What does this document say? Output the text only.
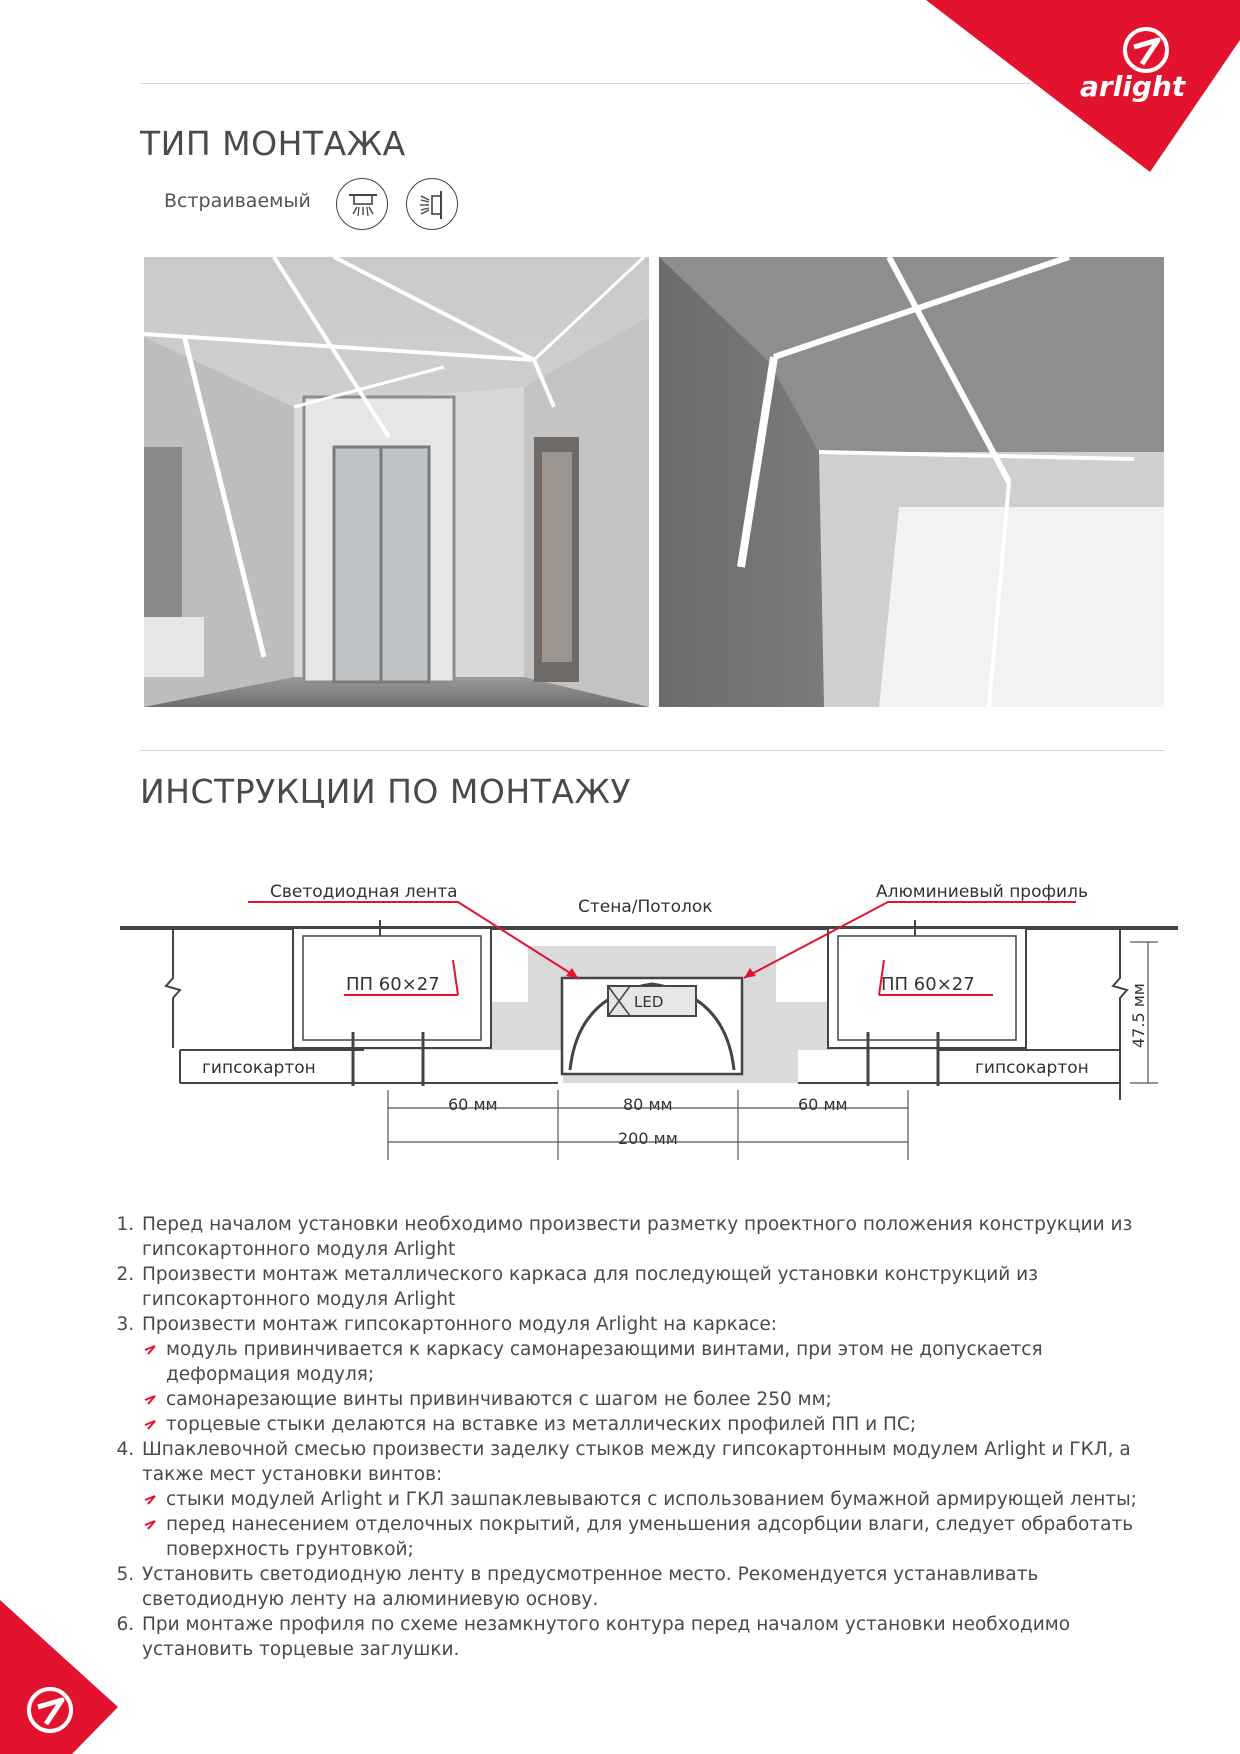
arlight
ТИП МОНТАЖА
Встраиваемый
ИНСТРУКЦИИ ПО МОНТАЖУ
Светодиодная лента	Алюминиевый профиль
Стена/Потолок
ПП 60×27	ПП 60×27
LED
гипсокартон	гипсокартон
60 мм	80 мм	60 мм
200 мм
47.5 мм
1. Перед началом установки необходимо произвести разметку проектного положения конструкции из гипсокартонного модуля Arlight
2. Произвести монтаж металлического каркаса для последующей установки конструкций из гипсокартонного модуля Arlight
3. Произвести монтаж гипсокартонного модуля Arlight на каркасе:
модуль привинчивается к каркасу самонарезающими винтами, при этом не допускается деформация модуля;
самонарезающие винты привинчиваются с шагом не более 250 мм;
торцевые стыки делаются на вставке из металлических профилей ПП и ПС;
4. Шпаклевочной смесью произвести заделку стыков между гипсокартонным модулем Arlight и ГКЛ, а также мест установки винтов:
стыки модулей Arlight и ГКЛ зашпаклевываются с использованием бумажной армирующей ленты;
перед нанесением отделочных покрытий, для уменьшения адсорбции влаги, следует обработать поверхность грунтовкой;
5. Установить светодиодную ленту в предусмотренное место. Рекомендуется устанавливать светодиодную ленту на алюминиевую основу.
6. При монтаже профиля по схеме незамкнутого контура перед началом установки необходимо установить торцевые заглушки.
